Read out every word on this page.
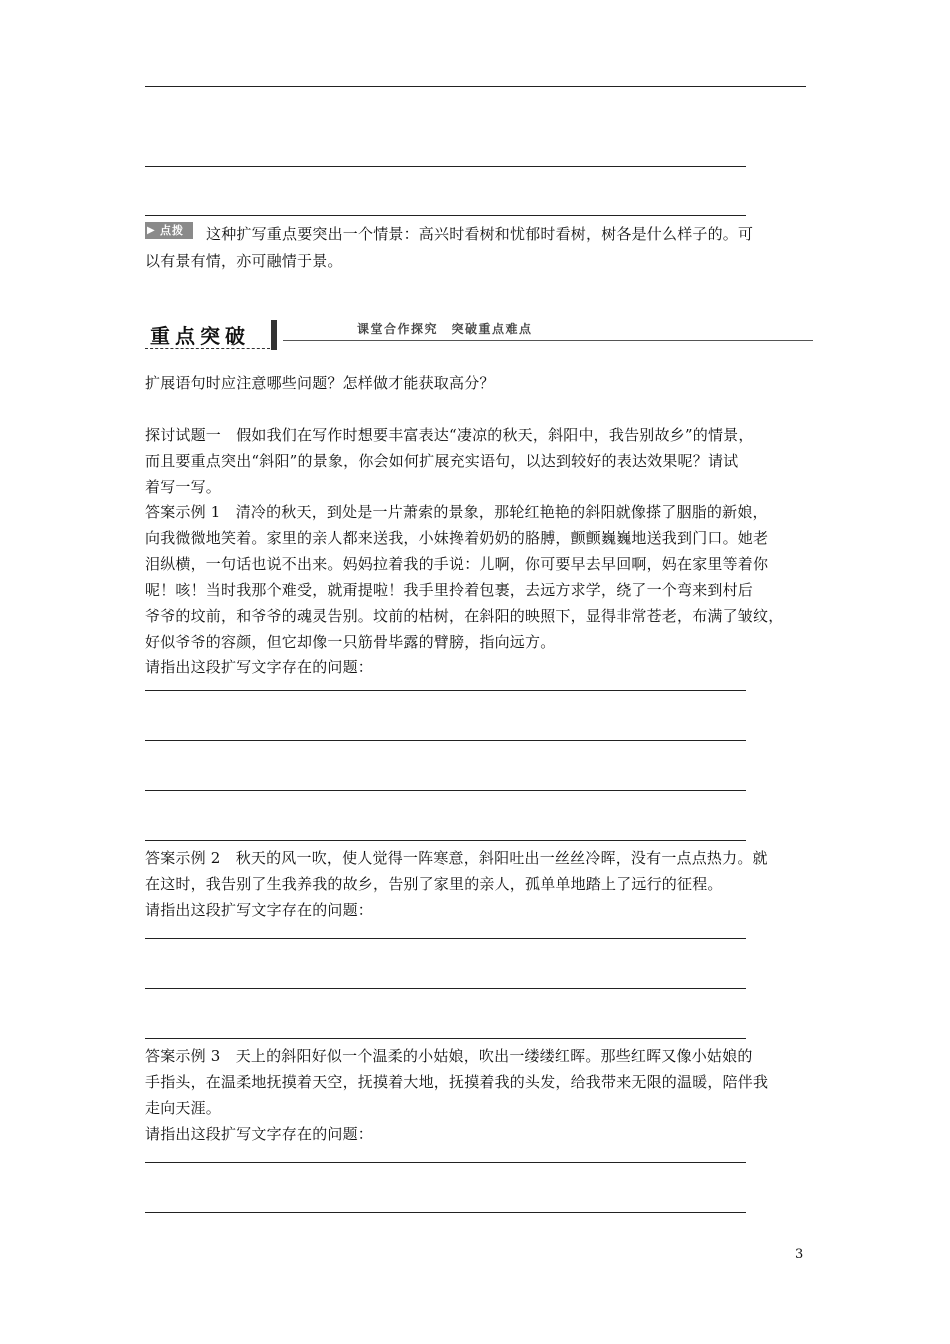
▶ 点拨 这种扩写重点要突出一个情景：高兴时看树和忧郁时看树，树各是什么样子的。可
以有景有情，亦可融情于景。
重点突破	课堂合作探究　突破重点难点
扩展语句时应注意哪些问题？怎样做才能获取高分？
探讨试题一　假如我们在写作时想要丰富表达“凄凉的秋天，斜阳中，我告别故乡”的情景，
而且要重点突出“斜阳”的景象，你会如何扩展充实语句，以达到较好的表达效果呢？请试
着写一写。
答案示例 1　清冷的秋天，到处是一片萧索的景象，那轮红艳艳的斜阳就像搽了胭脂的新娘，
向我微微地笑着。家里的亲人都来送我，小妹搀着奶奶的胳膊，颤颤巍巍地送我到门口。她老
泪纵横，一句话也说不出来。妈妈拉着我的手说：儿啊，你可要早去早回啊，妈在家里等着你
呢！咳！当时我那个难受，就甭提啦！我手里拎着包裹，去远方求学，绕了一个弯来到村后
爷爷的坟前，和爷爷的魂灵告别。坟前的枯树，在斜阳的映照下，显得非常苍老，布满了皱纹，
好似爷爷的容颜，但它却像一只筋骨毕露的臂膀，指向远方。
请指出这段扩写文字存在的问题：
答案示例 2　秋天的风一吹，使人觉得一阵寒意，斜阳吐出一丝丝冷晖，没有一点点热力。就
在这时，我告别了生我养我的故乡，告别了家里的亲人，孤单单地踏上了远行的征程。
请指出这段扩写文字存在的问题：
答案示例 3　天上的斜阳好似一个温柔的小姑娘，吹出一缕缕红晖。那些红晖又像小姑娘的
手指头，在温柔地抚摸着天空，抚摸着大地，抚摸着我的头发，给我带来无限的温暖，陪伴我
走向天涯。
请指出这段扩写文字存在的问题：
3
